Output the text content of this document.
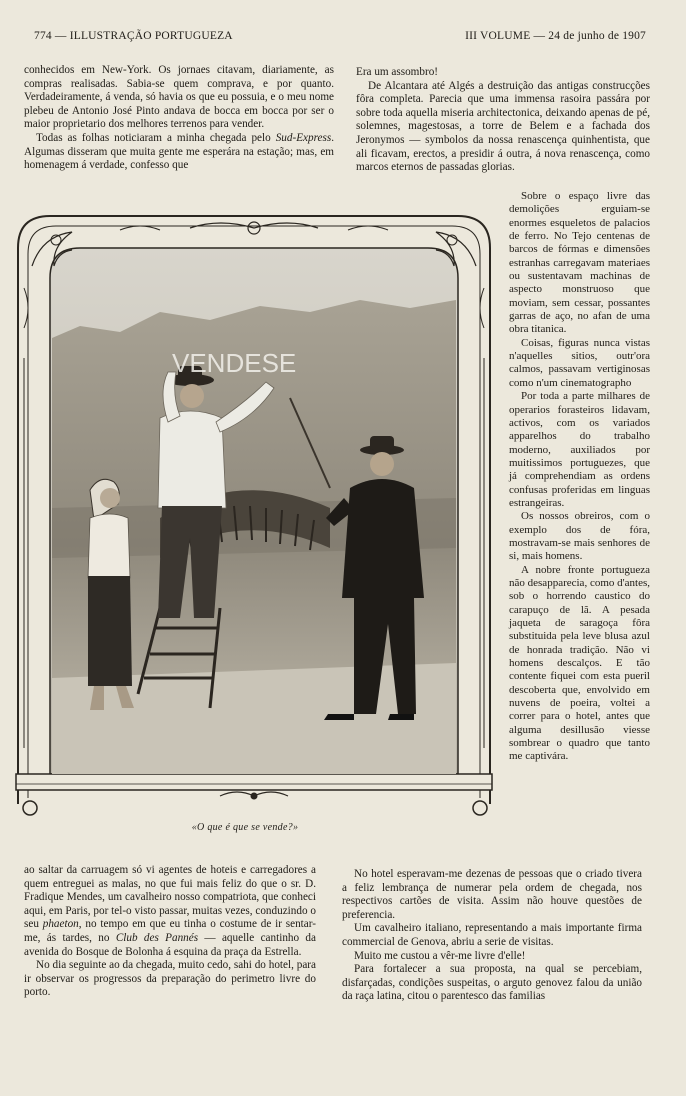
774 — ILLUSTRAÇÃO PORTUGUEZA	III VOLUME — 24 de junho de 1907

conhecidos em New-York. Os jornaes citavam, diariamente, as compras realisadas. Sabia-se quem comprava, e por quanto. Verdadeiramente, á venda, só havia os que eu possuia, e o meu nome plebeu de Antonio José Pinto andava de bocca em bocca por ser o maior proprietario dos melhores terrenos para vender.

Todas as folhas noticiaram a minha chegada pelo Sud-Express. Algumas disseram que muita gente me esperára na estação; mas, em homenagem á verdade, confesso que

Era um assombro!

De Alcantara até Algés a destruição das antigas construcções fôra completa. Parecia que uma immensa rasoira passára por sobre toda aquella miseria architectonica, deixando apenas de pé, solemnes, magestosas, a torre de Belem e a fachada dos Jeronymos — symbolos da nossa renascença quinhentista, que ali ficavam, erectos, a presidir á outra, á nova renascença, como marcos eternos de passadas glorias.

VENDESE

Sobre o espaço livre das demolições erguiam-se enormes esqueletos de palacios de ferro. No Tejo centenas de barcos de fórmas e dimensões estranhas carregavam materiaes ou sustentavam machinas de aspecto monstruoso que moviam, sem cessar, possantes garras de aço, no afan de uma obra titanica.

Coisas, figuras nunca vistas n'aquelles sitios, outr'ora calmos, passavam vertiginosas como n'um cinematographo

Por toda a parte milhares de operarios forasteiros lidavam, activos, com os variados apparelhos do trabalho moderno, auxiliados por muitissimos portuguezes, que já comprehendiam as ordens confusas proferidas em linguas estrangeiras.

Os nossos obreiros, com o exemplo dos de fóra, mostravam-se mais senhores de si, mais homens.

A nobre fronte portugueza não desapparecia, como d'antes, sob o horrendo caustico do carapuço de lã. A pesada jaqueta de saragoça fôra substituida pela leve blusa azul de honrada tradição. Não vi homens descalços. E tão contente fiquei com esta pueril descoberta que, envolvido em nuvens de poeira, voltei a correr para o hotel, antes que alguma desillusão viesse sombrear o quadro que tanto me captivára.

«O que é que se vende?»

ao saltar da carruagem só vi agentes de hoteis e carregadores a quem entreguei as malas, no que fui mais feliz do que o sr. D. Fradique Mendes, um cavalheiro nosso compatriota, que conheci aqui, em Paris, por tel-o visto passar, muitas vezes, conduzindo o seu phaeton, no tempo em que eu tinha o costume de ir sentar-me, ás tardes, no Club des Pannés — aquelle cantinho da avenida do Bosque de Bolonha á esquina da praça da Estrella.

No dia seguinte ao da chegada, muito cedo, sahi do hotel, para ir observar os progressos da preparação do perimetro livre do porto.

No hotel esperavam-me dezenas de pessoas que o criado tivera a feliz lembrança de numerar pela ordem de chegada, nos respectivos cartões de visita. Assim não houve questões de preferencia.

Um cavalheiro italiano, representando a mais importante firma commercial de Genova, abriu a serie de visitas.

Muito me custou a vêr-me livre d'elle!

Para fortalecer a sua proposta, na qual se percebiam, disfarçadas, condições suspeitas, o arguto genovez falou da união da raça latina, citou o parentesco das familias
